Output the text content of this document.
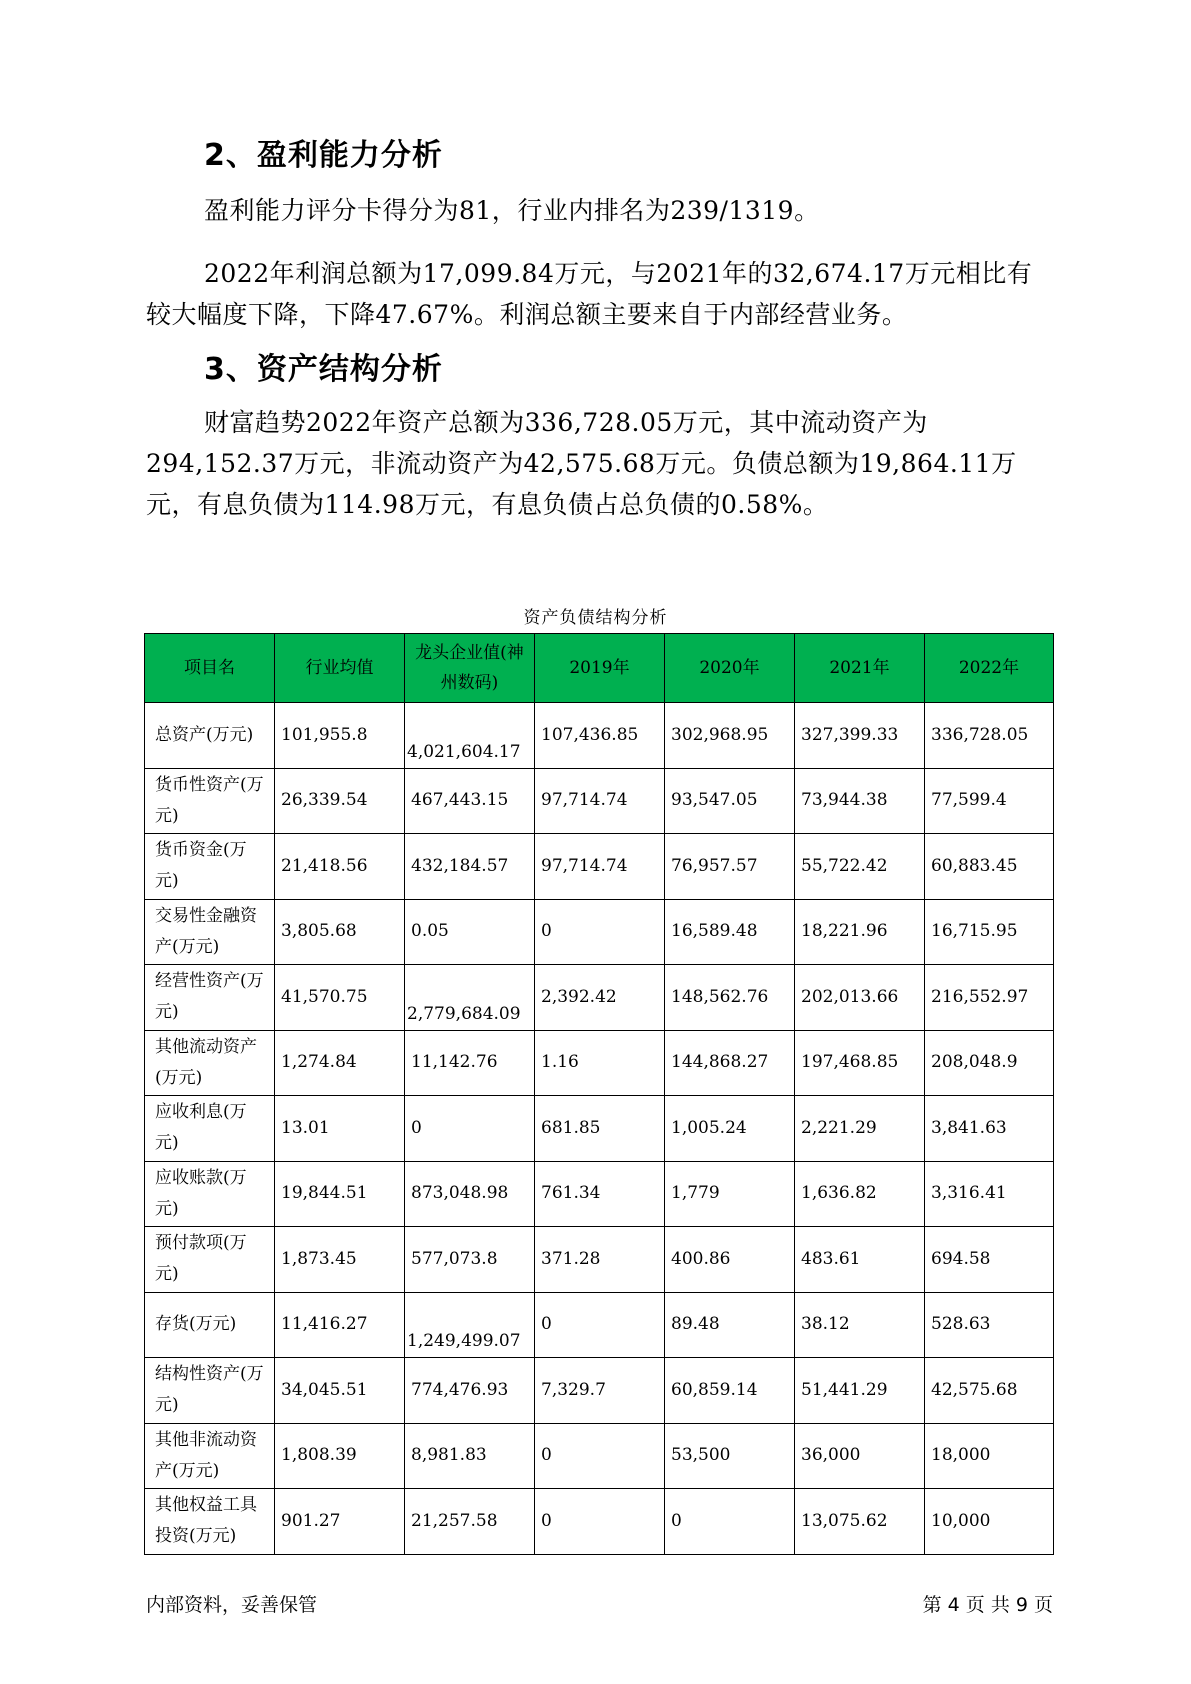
2、盈利能力分析

盈利能力评分卡得分为81，行业内排名为239/1319。

2022年利润总额为17,099.84万元，与2021年的32,674.17万元相比有较大幅度下降，下降47.67%。利润总额主要来自于内部经营业务。

3、资产结构分析

财富趋势2022年资产总额为336,728.05万元，其中流动资产为294,152.37万元，非流动资产为42,575.68万元。负债总额为19,864.11万元，有息负债为114.98万元，有息负债占总负债的0.58%。

资产负债结构分析
项目名	行业均值	龙头企业值(神州数码)	2019年	2020年	2021年	2022年
总资产(万元)	101,955.8	4,021,604.17	107,436.85	302,968.95	327,399.33	336,728.05
货币性资产(万元)	26,339.54	467,443.15	97,714.74	93,547.05	73,944.38	77,599.4
货币资金(万元)	21,418.56	432,184.57	97,714.74	76,957.57	55,722.42	60,883.45
交易性金融资产(万元)	3,805.68	0.05	0	16,589.48	18,221.96	16,715.95
经营性资产(万元)	41,570.75	2,779,684.09	2,392.42	148,562.76	202,013.66	216,552.97
其他流动资产(万元)	1,274.84	11,142.76	1.16	144,868.27	197,468.85	208,048.9
应收利息(万元)	13.01	0	681.85	1,005.24	2,221.29	3,841.63
应收账款(万元)	19,844.51	873,048.98	761.34	1,779	1,636.82	3,316.41
预付款项(万元)	1,873.45	577,073.8	371.28	400.86	483.61	694.58
存货(万元)	11,416.27	1,249,499.07	0	89.48	38.12	528.63
结构性资产(万元)	34,045.51	774,476.93	7,329.7	60,859.14	51,441.29	42,575.68
其他非流动资产(万元)	1,808.39	8,981.83	0	53,500	36,000	18,000
其他权益工具投资(万元)	901.27	21,257.58	0	0	13,075.62	10,000
内部资料，妥善保管	第 4 页 共 9 页
